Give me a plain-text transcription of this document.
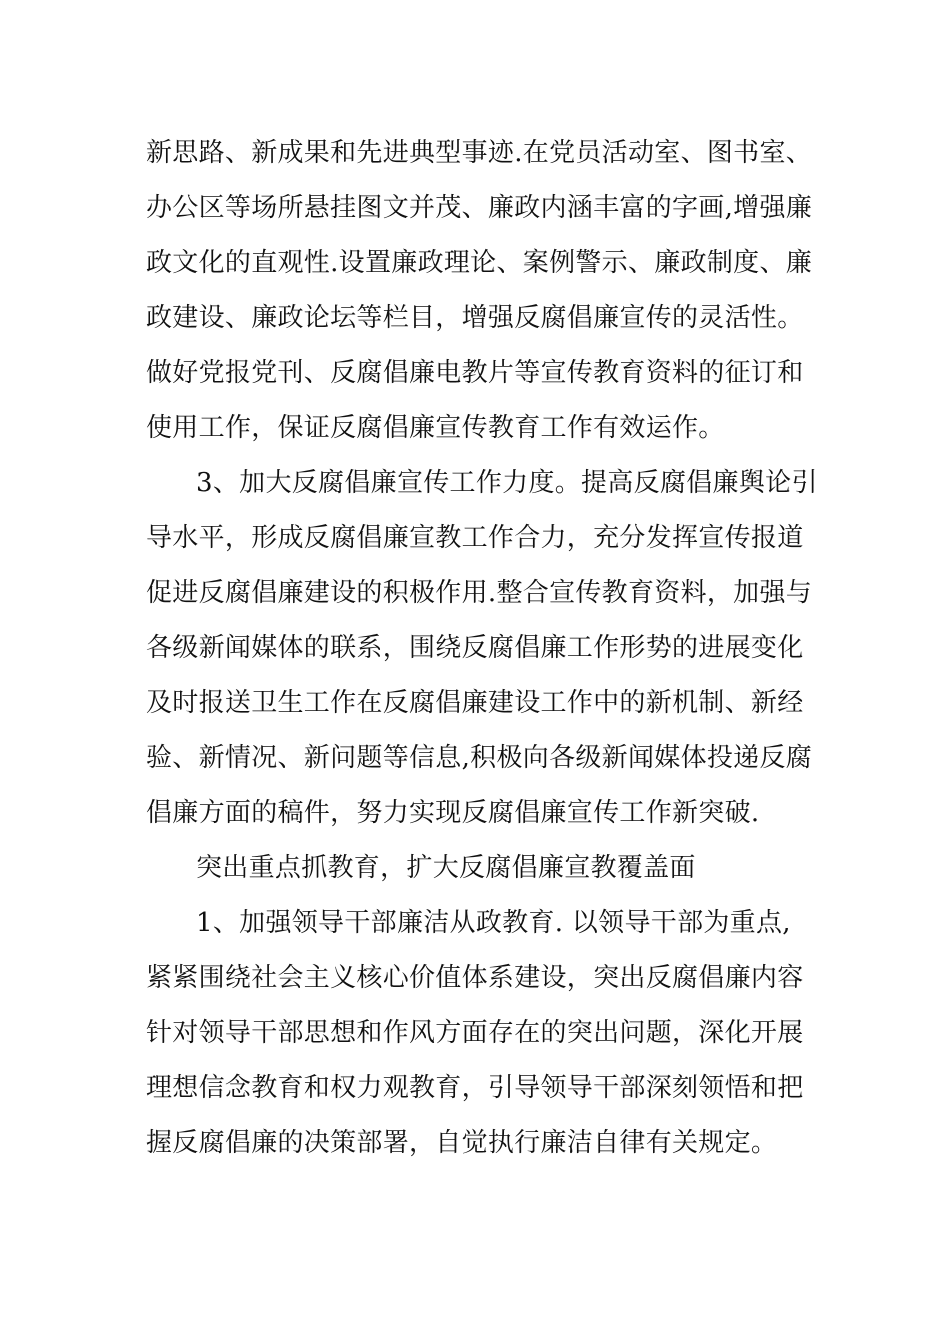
新思路、新成果和先进典型事迹.在党员活动室、图书室、
办公区等场所悬挂图文并茂、廉政内涵丰富的字画,增强廉
政文化的直观性.设置廉政理论、案例警示、廉政制度、廉
政建设、廉政论坛等栏目，增强反腐倡廉宣传的灵活性。
做好党报党刊、反腐倡廉电教片等宣传教育资料的征订和
使用工作，保证反腐倡廉宣传教育工作有效运作。
3、加大反腐倡廉宣传工作力度。提高反腐倡廉舆论引
导水平，形成反腐倡廉宣教工作合力，充分发挥宣传报道
促进反腐倡廉建设的积极作用.整合宣传教育资料，加强与
各级新闻媒体的联系，围绕反腐倡廉工作形势的进展变化
及时报送卫生工作在反腐倡廉建设工作中的新机制、新经
验、新情况、新问题等信息,积极向各级新闻媒体投递反腐
倡廉方面的稿件，努力实现反腐倡廉宣传工作新突破.
突出重点抓教育，扩大反腐倡廉宣教覆盖面
1、加强领导干部廉洁从政教育. 以领导干部为重点,
紧紧围绕社会主义核心价值体系建设，突出反腐倡廉内容
针对领导干部思想和作风方面存在的突出问题，深化开展
理想信念教育和权力观教育，引导领导干部深刻领悟和把
握反腐倡廉的决策部署，自觉执行廉洁自律有关规定。
